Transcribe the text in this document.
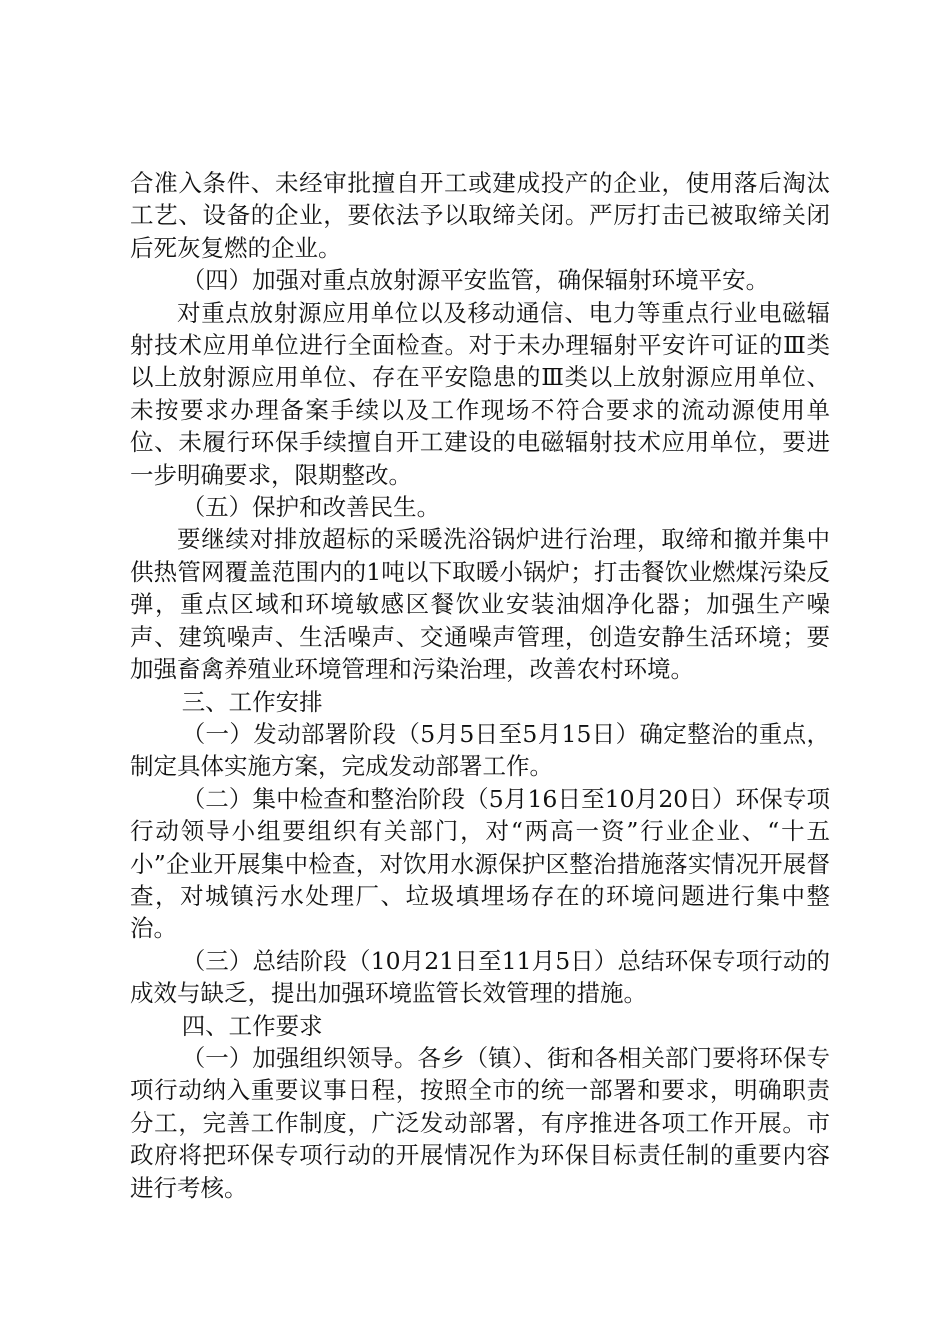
合准入条件、未经审批擅自开工或建成投产的企业，使用落后淘汰工艺、设备的企业，要依法予以取缔关闭。严厉打击已被取缔关闭后死灰复燃的企业。

（四）加强对重点放射源平安监管，确保辐射环境平安。

对重点放射源应用单位以及移动通信、电力等重点行业电磁辐射技术应用单位进行全面检查。对于未办理辐射平安许可证的Ⅲ类以上放射源应用单位、存在平安隐患的Ⅲ类以上放射源应用单位、未按要求办理备案手续以及工作现场不符合要求的流动源使用单位、未履行环保手续擅自开工建设的电磁辐射技术应用单位，要进一步明确要求，限期整改。

（五）保护和改善民生。

要继续对排放超标的采暖洗浴锅炉进行治理，取缔和撤并集中供热管网覆盖范围内的1吨以下取暖小锅炉；打击餐饮业燃煤污染反弹，重点区域和环境敏感区餐饮业安装油烟净化器；加强生产噪声、建筑噪声、生活噪声、交通噪声管理，创造安静生活环境；要加强畜禽养殖业环境管理和污染治理，改善农村环境。

三、工作安排

（一）发动部署阶段（5月5日至5月15日）确定整治的重点，制定具体实施方案，完成发动部署工作。

（二）集中检查和整治阶段（5月16日至10月20日）环保专项行动领导小组要组织有关部门，对“两高一资”行业企业、“十五小”企业开展集中检查，对饮用水源保护区整治措施落实情况开展督查，对城镇污水处理厂、垃圾填埋场存在的环境问题进行集中整治。

（三）总结阶段（10月21日至11月5日）总结环保专项行动的成效与缺乏，提出加强环境监管长效管理的措施。

四、工作要求

（一）加强组织领导。各乡（镇）、街和各相关部门要将环保专项行动纳入重要议事日程，按照全市的统一部署和要求，明确职责分工，完善工作制度，广泛发动部署，有序推进各项工作开展。市政府将把环保专项行动的开展情况作为环保目标责任制的重要内容进行考核。
